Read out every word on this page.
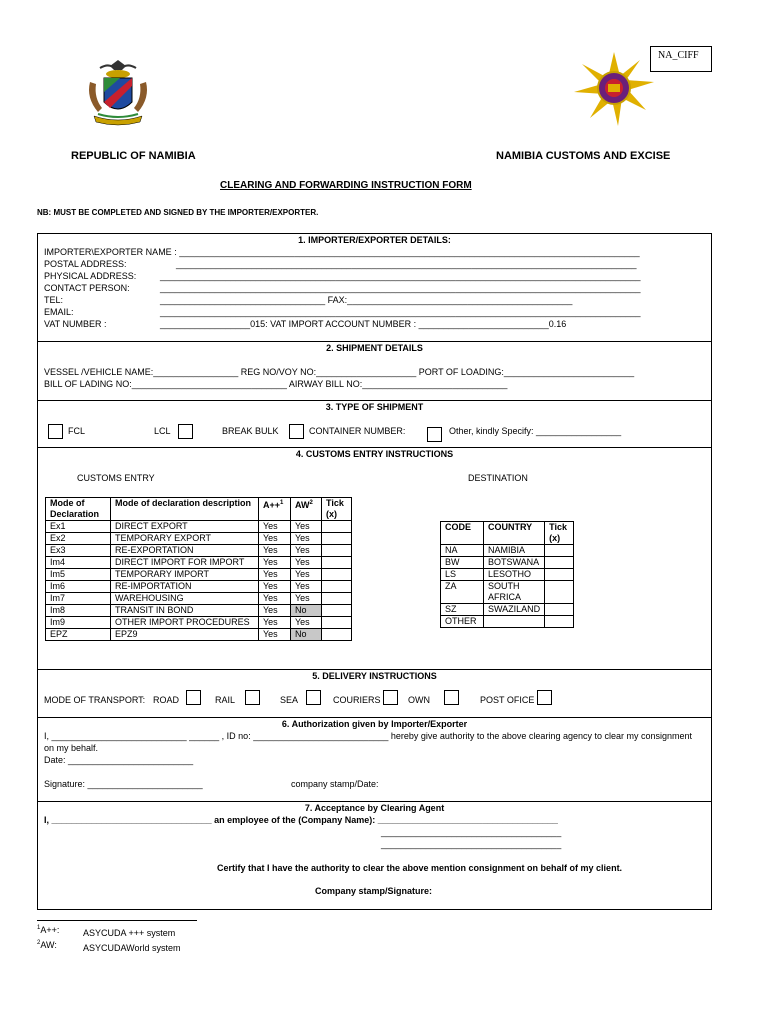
NA_CIFF
REPUBLIC OF NAMIBIA	NAMIBIA CUSTOMS AND EXCISE
CLEARING AND FORWARDING INSTRUCTION FORM
NB: MUST BE COMPLETED AND SIGNED BY THE IMPORTER/EXPORTER.
1. IMPORTER/EXPORTER DETAILS:
IMPORTER\EXPORTER NAME : ____________________________________________________________________________________________
POSTAL ADDRESS:	____________________________________________________________________________________________
PHYSICAL ADDRESS:	________________________________________________________________________________________________
CONTACT PERSON:	________________________________________________________________________________________________
TEL:	_________________________________ FAX:_____________________________________________
EMAIL:	________________________________________________________________________________________________
VAT NUMBER :	__________________015: VAT IMPORT ACCOUNT NUMBER : __________________________0.16
2. SHIPMENT DETAILS
VESSEL /VEHICLE NAME:_________________ REG NO/VOY NO:____________________ PORT OF LOADING:__________________________
BILL OF LADING NO:_______________________________ AIRWAY BILL NO:_____________________________
3. TYPE OF SHIPMENT
FCL	LCL	BREAK BULK	CONTAINER NUMBER:	Other, kindly Specify: _________________
4. CUSTOMS ENTRY INSTRUCTIONS
CUSTOMS ENTRY	DESTINATION
Mode of Declaration	Mode of declaration description	A++$^1$	$AW^2$	Tick (x)
Ex1	DIRECT EXPORT	Yes	Yes	
Ex2	TEMPORARY EXPORT	Yes	Yes	
Ex3	RE-EXPORTATION	Yes	Yes	
Im4	DIRECT IMPORT FOR IMPORT	Yes	Yes	
Im5	TEMPORARY IMPORT	Yes	Yes	
Im6	RE-IMPORTATION	Yes	Yes	
Im7	WAREHOUSING	Yes	Yes	
Im8	TRANSIT IN BOND	Yes	No	
Im9	OTHER IMPORT PROCEDURES	Yes	Yes	
EPZ	EPZ9	Yes	No	
CODE	COUNTRY	Tick (x)
NA	NAMIBIA	
BW	BOTSWANA	
LS	LESOTHO	
ZA	SOUTH AFRICA	
SZ	SWAZILAND	
OTHER		
5. DELIVERY INSTRUCTIONS
MODE OF TRANSPORT: ROAD	RAIL	SEA	COURIERS	OWN	POST OFICE
6. Authorization given by Importer/Exporter
I, ___________________________ ______ , ID no: ___________________________ hereby give authority to the above clearing agency to clear my consignment
on my behalf.
Date: _________________________
Signature: _______________________	company stamp/Date:
7. Acceptance by Clearing Agent
I, ________________________________ an employee of the (Company Name): ____________________________________
____________________________________
____________________________________
Certify that I have the authority to clear the above mention consignment on behalf of my client.
Company stamp/Signature:
$^1$A++:	ASYCUDA +++ system
$^2$AW:	ASYCUDAWorld system
